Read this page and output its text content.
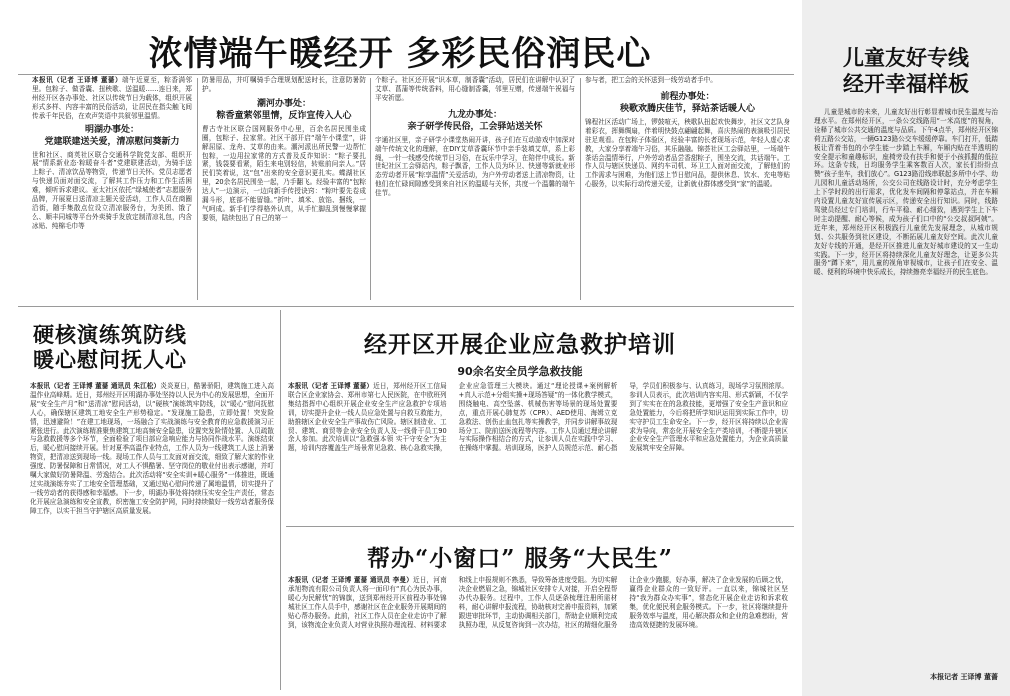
浓情端午暖经开 多彩民俗润民心
本报讯（记者 王译博 董蔷）端午近夏至，粽香满邻里。包粽子、做香囊、扭秧歌、送温暖……连日来，郑州经开区各办事处、社区以传统节日为载体，组织开展形式多样、内容丰富的民俗活动，让居民在指尖触飞间传承千年民俗，在欢声笑语中共叙邻里温情。
明湖办事处：
党建联建送关爱，清凉慰问葵新力
世和社区、商英社区联合交通科学院党支部、组织开展“情系新业态·粽暖奋斗者”党建联建活动，为骑手送上粽子、清凉饮品等物资，传递节日关怀。党员志愿者与快递员面对面交流，了解其工作压力和工作生活困难，倾听诉求建议。亚太社区依托“绿城使者”志愿服务品牌，开展夏日送清凉主题关爱活动，工作人员在商圈沿街，随手集散点位设立清凉服务台，为美团、饿了么、顺丰同城等平台外卖骑手发放定制清凉礼包，内含冰贴、纯棉毛巾等
防暑用品，并叮嘱骑手合理规划配送时长，注意防暑防护。
潮河办事处：
粽香童萦邻里情，反诈宣传入人心
曹古寺社区联合国网服务中心里，百余名居民围坐成圈，包粽子、拉家常。社区干部开启“端午小课堂”，讲解屈原、龙舟、艾草的由来。潮河派出所民警一边帮忙包粽，一边用拉家常的方式普及反诈知识：“粽子要扎紧，钱袋要看紧，陌生来电别轻信，转账前问亲人。”居民们笑着说，这“包”出来的安全意识更扎实。蝶湖社区里，20余名居民围坐一起，乃手翻飞。经验丰富的“包粽达人”一边演示，一边向新手传授诀窍：“粽叶要先卷成漏斗形，底部不能留缝。”折叶、填米、放馅、捆线，一气呵成。新手们学得格外认真，从手忙脚乱到慢慢掌握要领，陆续包出了自己的第一
个粽子。社区还开展“识本草，制香囊”活动，居民们在讲解中认识了艾草、菖蒲等传统香料，用心缝制香囊，邻里互赠，传递端午祝福与平安祈愿。
九龙办事处：
亲子研学传民俗，工会驿站送关怀
宇通社区里，亲子研学小课堂热闹开讲，孩子们在互动游戏中加深对端午传统文化的理解，在DIY艾草香囊环节中亲手装填艾草，系上彩绳，一针一线感受传统节日习俗，在玩乐中学习，在陪伴中成长。新世纪社区工会驿站内，粽子飘香，工作人员为环卫、快递等新就业形态劳动者开展“粽享温情”关爱活动，为户外劳动者送上清凉物资，让他们在忙碌间隙感受到来自社区的温暖与关怀，共度一个温馨的端午佳节。
参与者，把工会的关怀送到一线劳动者手中。
前程办事处：
秧歌欢腾庆佳节，驿站茶话暖人心
锦程社区活动广场上，锣鼓喧天，秧歌队扭起欢快舞步，社区文艺队身着彩衣，挥舞绸扇，伴着明快鼓点翩翩起舞，喜庆热闹的表演吸引居民驻足观看。在包粽子体验区，经验丰富的长者现场示范，年轻人虚心求教，大家分享着端午习俗，其乐融融。锦荟社区工会驿站里，一场端午茶话会温情举行，户外劳动者品尝香甜粽子，围坐交流，共话端午。工作人员与辖区快递员、网约车司机、环卫工人面对面交流，了解他们的工作需求与困难，为他们送上节日慰问品，提供休息、饮水、充电等贴心服务，以实际行动传递关爱，让新就业群体感受到“家”的温暖。
硬核演练筑防线 暖心慰问抚人心
本报讯（记者 王译博 董蔷 通讯员 朱江松）炎炎夏日，酷暑骄阳，建筑施工进入高温作业高峰期。近日，郑州经开区明湖办事处坚持以人民为中心的发展思想，全面开展“安全生产月”和“送清凉”慰问活动，以“硬核”演练筑牢防线，以“暖心”慰问抚慰人心，确保辖区建筑工地安全生产形势稳定。“发现施工隐患，立即处置！突发险情，迅速避险！”在建工地现场，一场融合了实战演练与安全教育的应急救援演习正紧张进行。此次演练精准聚焦建筑工地高频安全隐患，设置突发险情处置、人员疏散与急救救援等多个环节，全面检验了项目部应急响应能力与协同作战水平。演练结束后，暖心慰问接续开展。针对夏季高温作业特点，工作人员为一线建筑工人送上消暑物资，把清凉送到现场一线。现场工作人员与工友面对面交流，细致了解大家的作业强度、防暑保障和日常情况，对工人不惧酷暑、坚守岗位的敬业付出表示感谢，并叮嘱大家做好防暑降温、劳逸结合。此次活动将“安全实训+暖心服务”一体推进，既通过实战演练夯实了工地安全管理基础，又通过贴心慰问传递了属地温情，切实提升了一线劳动者的获得感和幸福感。下一步，明湖办事处将持续压实安全生产责任，常态化开展应急演练和安全宣教，织密施工安全防护网，同时持续做好一线劳动者服务保障工作，以实干担当守护辖区高质量发展。
经开区开展企业应急救护培训
90余名安全员学急救技能
本报讯（记者 王译博 董蔷）近日，郑州经开区工信局联合区企业家协会、郑州市第七人民医院，在中欧班列集结指挥中心组织开展企业安全生产应急救护专项培训，切实提升企业一线人员应急处置与自救互救能力，助推辖区企业安全生产事故伤亡风险。辖区制造业、工贸、建筑、商贸等企业安全负责人及一线骨干员工90余人参加。此次培训以“急救强本领 实干守安全”为主题，培训内容覆盖生产场景常见急救、核心急救实操，企业应急管理三大模块。通过“理论授课+案例解析+真人示范+分组实操+现场答疑”的一体化教学模式，围绕触电、高空坠落、机械伤害等场景的现场处置要点，重点开展心肺复苏（CPR）、AED使用、海姆立克急救法、创伤止血包扎等实操教学，并同步讲解事故现场分工、院前送医流程等内容。工作人员通过理论讲解与实际操作相结合的方式，让参训人员在实践中学习、在操练中掌握。培训现场，医护人员规范示范、耐心指导，学员们积极参与、认真练习，现场学习氛围浓厚。参训人员表示，此次培训内容实用、形式新颖，不仅学到了实实在在的急救技能，更增强了安全生产意识和应急处置能力，今后将把所学知识运用到实际工作中，切实守护员工生命安全。下一步，经开区将持续以企业需求为导向，常态化开展安全生产类培训，不断提升辖区企业安全生产管理水平和应急处置能力，为企业高质量发展筑牢安全屏障。
帮办“小窗口” 服务“大民生”
本报讯（记者 王译博 董蔷 通讯员 李曼）近日，河南承旭物流有限公司负责人将一面印有“真心为民办事，暖心为民解忧”的锦旗，送到郑州经开区前程办事处锦城社区工作人员手中，感谢社区在企业服务开展期间的贴心帮办服务。此前，社区工作人员在企业走访中了解到，该物流企业负责人对营业执照办理流程、材料要求和线上申报规则不熟悉，导致筹备进度受阻。为切实解决企业燃眉之急，锦城社区安排专人对接，开启全程帮办代办服务。过程中，工作人员逐条梳理注册所需材料，耐心讲解申报流程，协助核对完善申报资料，加紧跟进审批环节，主动协调相关部门，帮助企业顺利完成执照办理，从反复咨询到一次办结，社区的精细化服务让企业少跑腿，好办事，解决了企业发展的后顾之忧，赢得企业群众的一致好评。一直以来，锦城社区坚持“我为群众办实事”，常态化开展企业走访和诉求收集，优化便民利企服务模式。下一步，社区将继续提升服务效率与温度，用心解决群众和企业的急难愁盼，营造高效便捷的发展环境。
儿童友好专线
经开幸福样板
儿童是城市的未来，儿童友好出行彰显着城市民生温度与治理水平。在郑州经开区，一条公交线路用“一米高度”的视角，诠释了城市公共交通的温度与品质。下午4点半，郑州经开区锦荷五路公交站，一辆G123路公交车缓缓停靠。车门打开，低踏板让背着书包的小学生能一步踏上车厢，车厢内贴在半透明的安全提示和童趣标识，座椅旁设有扶手和便于小孩抓握的低拉环。这条专线，日均服务学生乘客数百人次，家长们纷纷点赞“孩子坐车，我们放心”。G123路沿线串联起多所中小学、幼儿园和儿童活动场所，公交公司在线路设计时，充分考虑学生上下学时段的出行需求，优化发车间隔和停靠站点，并在车厢内设置儿童友好宣传展示区，传递安全出行知识。同时，线路驾驶员经过专门培训，行车平稳、耐心细致，遇到学生上下车时主动提醒、耐心等候，成为孩子们口中的“公交叔叔阿姨”。近年来，郑州经开区积极践行儿童优先发展理念，从城市规划、公共服务到社区建设，不断拓展儿童友好空间。此次儿童友好专线的开通，是经开区推进儿童友好城市建设的又一生动实践。下一步，经开区将持续深化儿童友好理念，让更多公共服务“蹲下来”，用儿童的视角审视城市，让孩子们在安全、温暖、便利的环境中快乐成长，持续擦亮幸福经开的民生底色。
本报记者 王译博 董蔷
